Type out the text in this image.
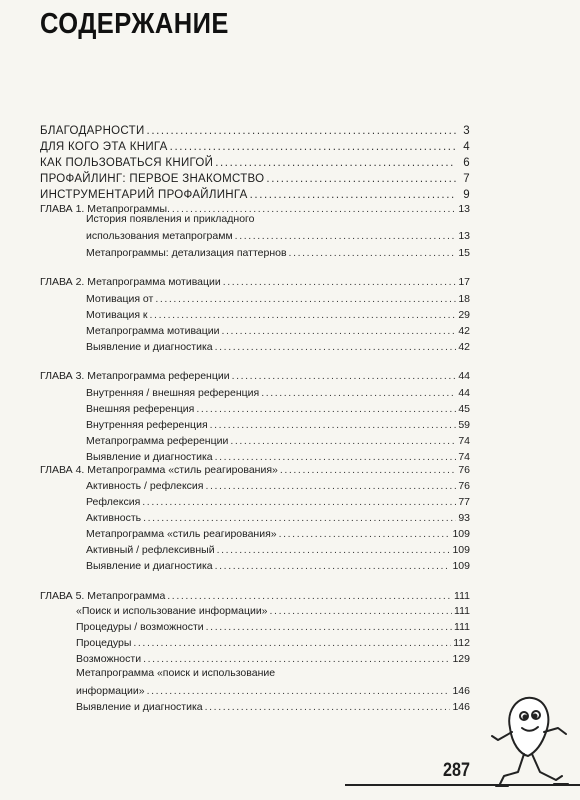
СОДЕРЖАНИЕ
БЛАГОДАРНОСТИ .....	3
ДЛЯ КОГО ЭТА КНИГА .....	4
КАК ПОЛЬЗОВАТЬСЯ КНИГОЙ .....	6
ПРОФАЙЛИНГ: ПЕРВОЕ ЗНАКОМСТВО .....	7
ИНСТРУМЕНТАРИЙ ПРОФАЙЛИНГА .....	9
ГЛАВА 1. Метапрограммы. .....	13
История появления и прикладного
использования метапрограмм .....	13
Метапрограммы: детализация паттернов .....	15
ГЛАВА 2. Метапрограмма мотивации .....	17
Мотивация от .....	18
Мотивация к .....	29
Метапрограмма мотивации .....	42
Выявление и диагностика .....	42
ГЛАВА 3. Метапрограмма референции .....	44
Внутренняя / внешняя референция .....	44
Внешняя референция .....	45
Внутренняя референция .....	59
Метапрограмма референции .....	74
Выявление и диагностика .....	74
ГЛАВА 4. Метапрограмма «стиль реагирования» .....	76
Активность / рефлексия .....	76
Рефлексия .....	77
Активность .....	93
Метапрограмма «стиль реагирования» .....	109
Активный / рефлексивный .....	109
Выявление и диагностика .....	109
ГЛАВА 5. Метапрограмма .....	111
«Поиск и использование информации» .....	111
Процедуры / возможности .....	111
Процедуры .....	112
Возможности .....	129
Метапрограмма «поиск и использование
информации» .....	146
Выявление и диагностика .....	146
287
